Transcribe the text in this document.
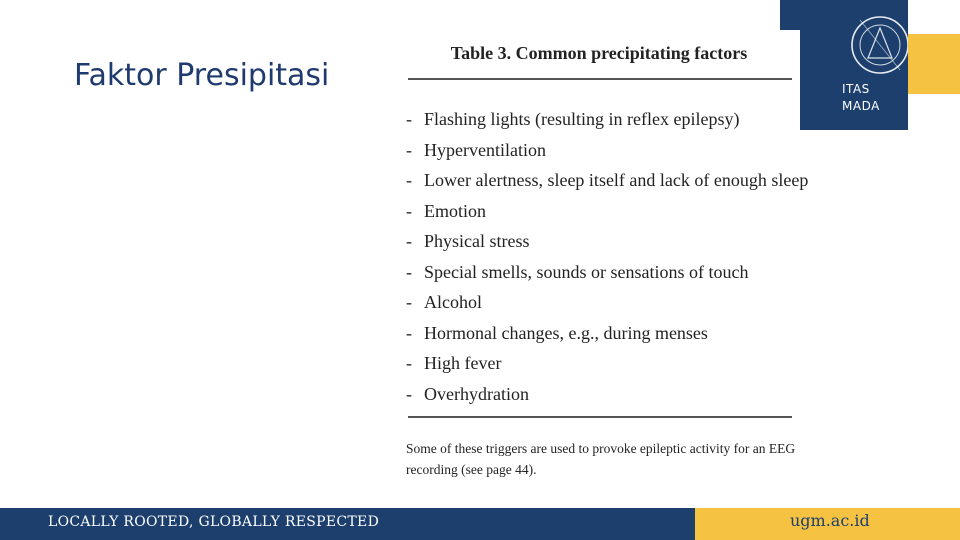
Faktor Presipitasi	ITAS
MADA
Table 3. Common precipitating factors
- Flashing lights (resulting in reflex epilepsy)
- Hyperventilation
- Lower alertness, sleep itself and lack of enough sleep
- Emotion
- Physical stress
- Special smells, sounds or sensations of touch
- Alcohol
- Hormonal changes, e.g., during menses
- High fever
- Overhydration
Some of these triggers are used to provoke epileptic activity for an EEG recording (see page 44).
LOCALLY ROOTED, GLOBALLY RESPECTED	ugm.ac.id
